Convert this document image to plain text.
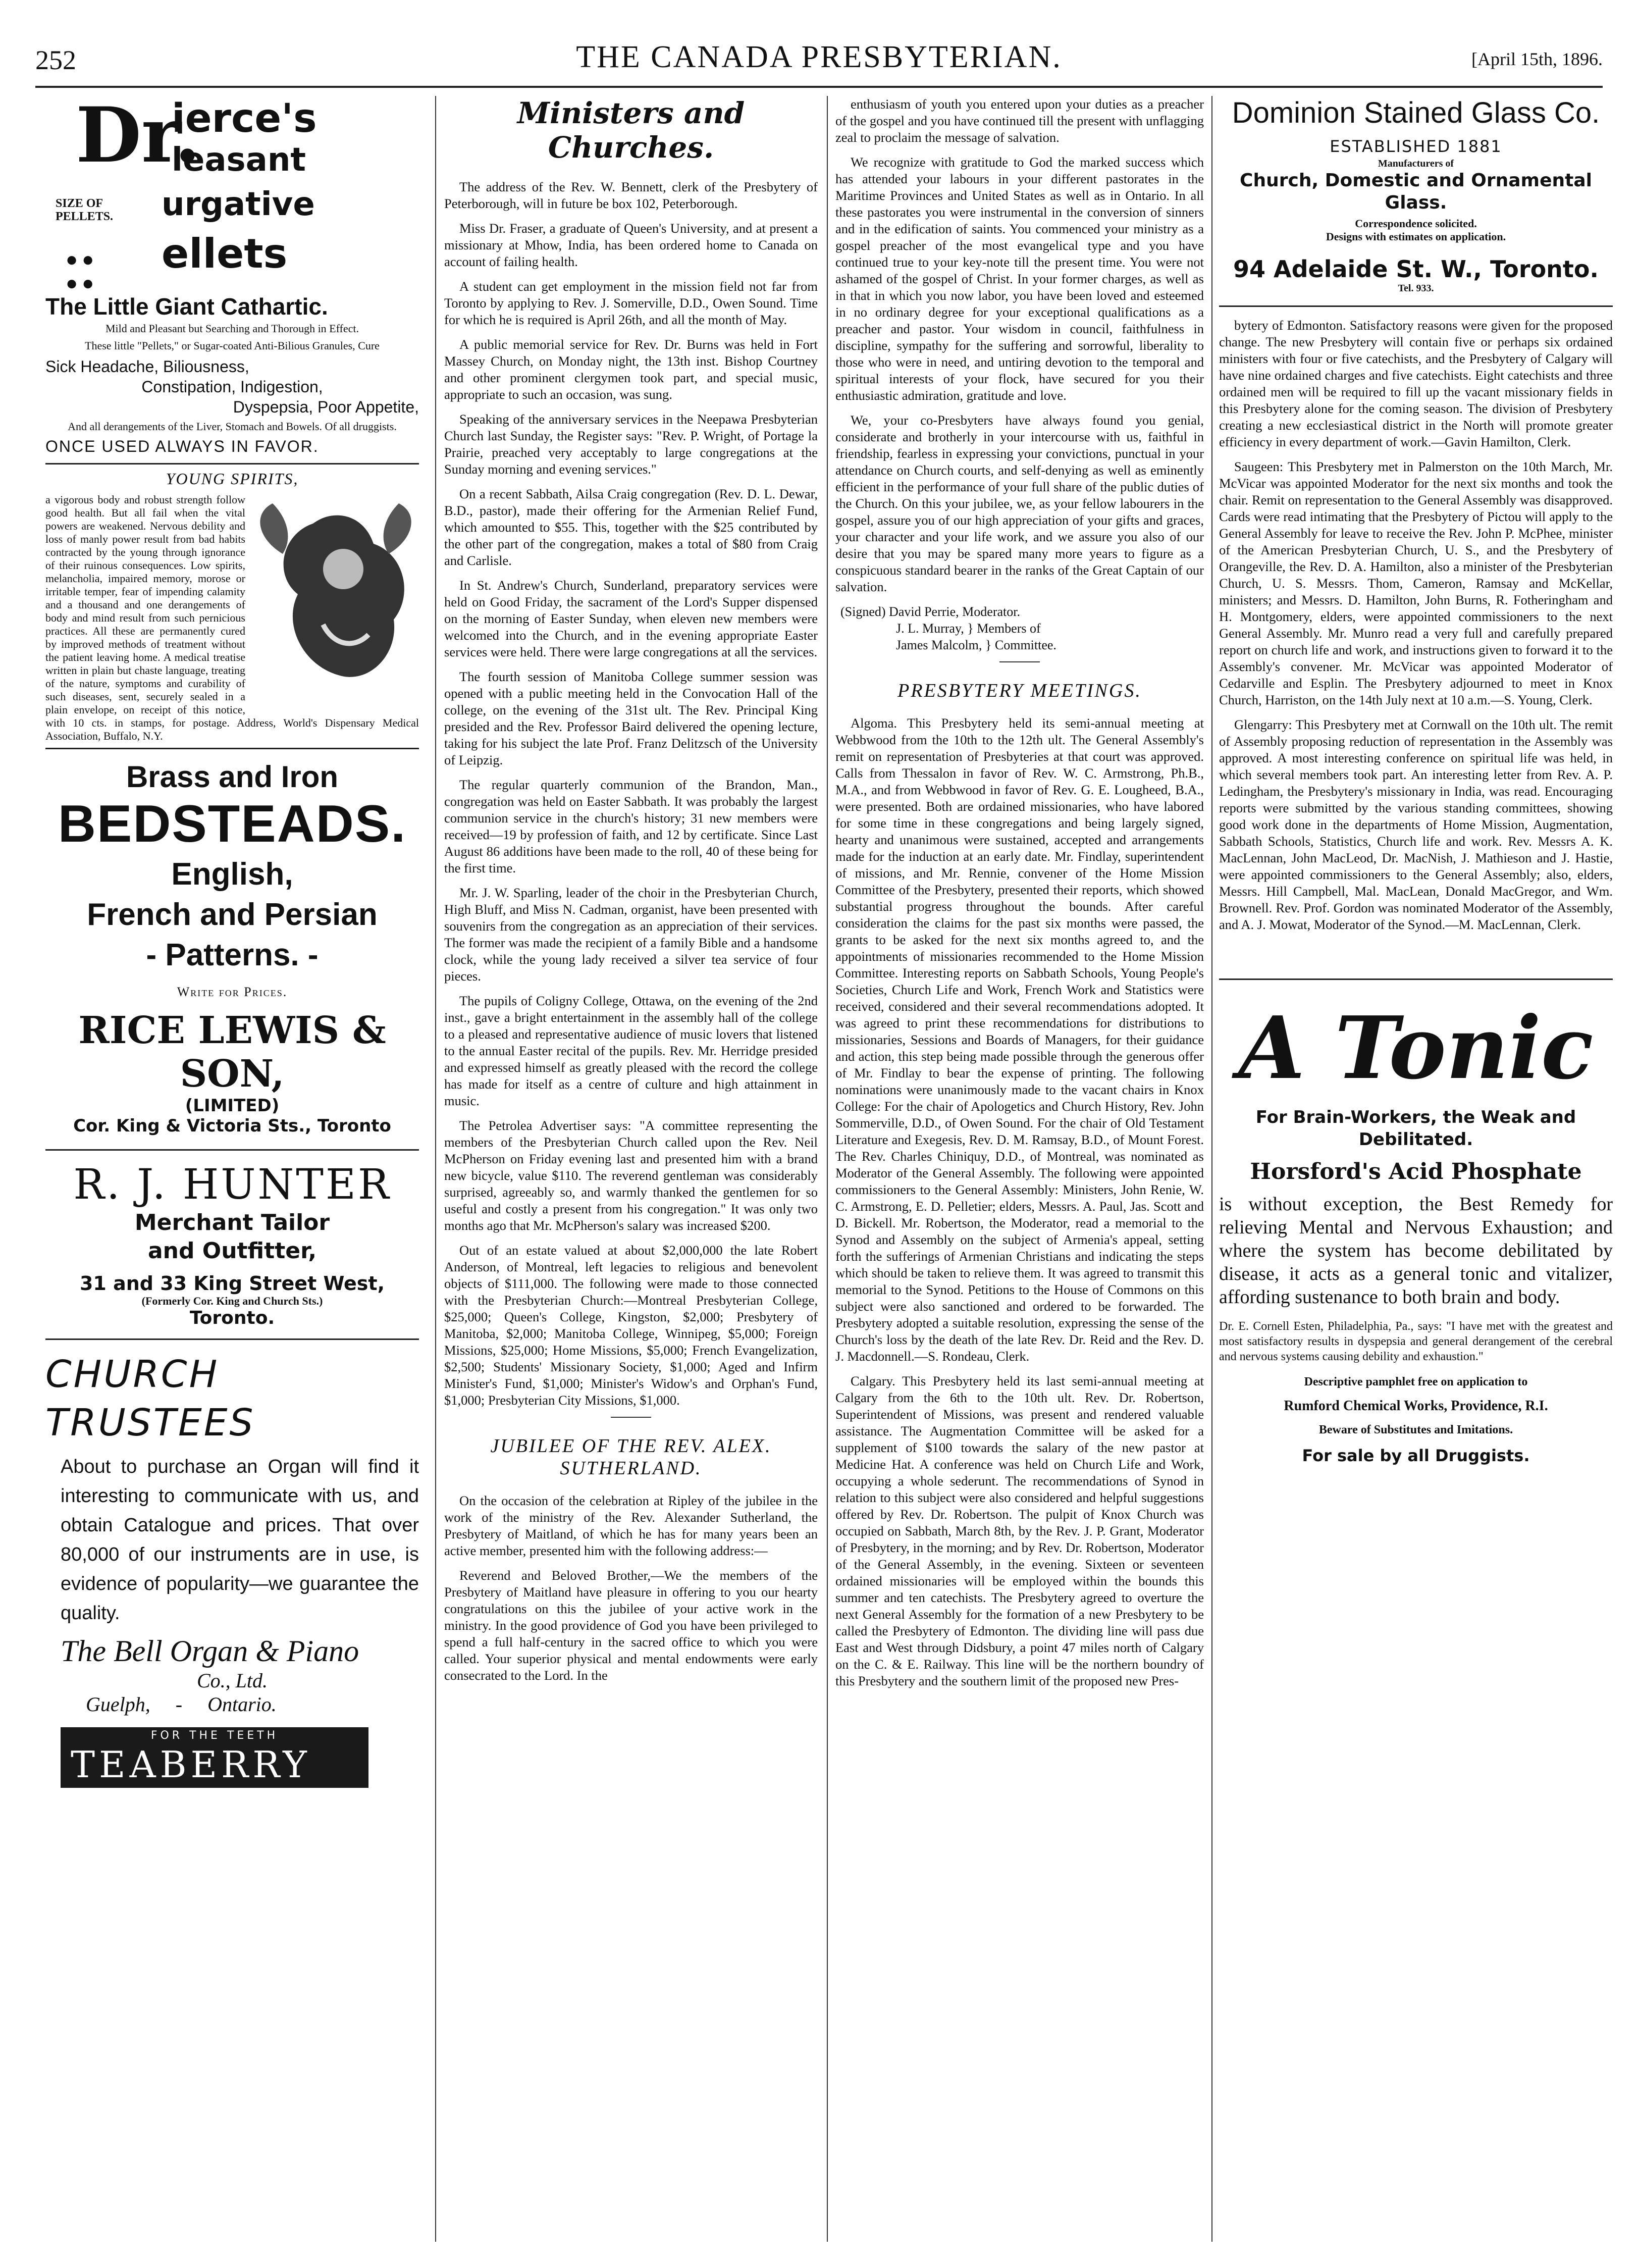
252	THE CANADA PRESBYTERIAN.	[April 15th, 1896.
Dr.
ierce's
leasant
urgative
ellets
SIZE OF PELLETS.
●●
●●
The Little Giant Cathartic.
Mild and Pleasant but Searching and Thorough in Effect.
These little "Pellets," or Sugar-coated Anti-Bilious Granules, Cure
Sick Headache, Biliousness,
Constipation, Indigestion,
Dyspepsia, Poor Appetite,
And all derangements of the Liver, Stomach and Bowels. Of all druggists.
ONCE USED ALWAYS IN FAVOR.
YOUNG SPIRITS,

a vigorous body and robust strength follow good health. But all fail when the vital powers are weakened. Nervous debility and loss of manly power result from bad habits contracted by the young through ignorance of their ruinous consequences. Low spirits, melancholia, impaired memory, morose or irritable temper, fear of impending calamity and a thousand and one derangements of body and mind result from such pernicious practices. All these are permanently cured by improved methods of treatment without the patient leaving home. A medical treatise written in plain but chaste language, treating of the nature, symptoms and curability of such diseases, sent, securely sealed in a plain envelope, on receipt of this notice, with 10 cts. in stamps, for postage. Address, World's Dispensary Medical Association, Buffalo, N.Y.

Brass and Iron
BEDSTEADS.
English,
French and Persian
- Patterns. -
Write for Prices.
RICE LEWIS & SON,
(LIMITED)
Cor. King & Victoria Sts., Toronto
R. J. HUNTER
Merchant Tailor
and Outfitter,
31 and 33 King Street West,
(Formerly Cor. King and Church Sts.)
Toronto.
CHURCH
TRUSTEES

About to purchase an Organ will find it interesting to communicate with us, and obtain Catalogue and prices. That over 80,000 of our instruments are in use, is evidence of popularity—we guarantee the quality.

The Bell Organ & Piano
Co., Ltd.
Guelph, - Ontario.
FOR THE TEETH
TEABERRY
Ministers and Churches.

The address of the Rev. W. Bennett, clerk of the Presbytery of Peterborough, will in future be box 102, Peterborough.

Miss Dr. Fraser, a graduate of Queen's University, and at present a missionary at Mhow, India, has been ordered home to Canada on account of failing health.

A student can get employment in the mission field not far from Toronto by applying to Rev. J. Somerville, D.D., Owen Sound. Time for which he is required is April 26th, and all the month of May.

A public memorial service for Rev. Dr. Burns was held in Fort Massey Church, on Monday night, the 13th inst. Bishop Courtney and other prominent clergymen took part, and special music, appropriate to such an occasion, was sung.

Speaking of the anniversary services in the Neepawa Presbyterian Church last Sunday, the Register says: "Rev. P. Wright, of Portage la Prairie, preached very acceptably to large congregations at the Sunday morning and evening services."

On a recent Sabbath, Ailsa Craig congregation (Rev. D. L. Dewar, B.D., pastor), made their offering for the Armenian Relief Fund, which amounted to $55. This, together with the $25 contributed by the other part of the congregation, makes a total of $80 from Craig and Carlisle.

In St. Andrew's Church, Sunderland, preparatory services were held on Good Friday, the sacrament of the Lord's Supper dispensed on the morning of Easter Sunday, when eleven new members were welcomed into the Church, and in the evening appropriate Easter services were held. There were large congregations at all the services.

The fourth session of Manitoba College summer session was opened with a public meeting held in the Convocation Hall of the college, on the evening of the 31st ult. The Rev. Principal King presided and the Rev. Professor Baird delivered the opening lecture, taking for his subject the late Prof. Franz Delitzsch of the University of Leipzig.

The regular quarterly communion of the Brandon, Man., congregation was held on Easter Sabbath. It was probably the largest communion service in the church's history; 31 new members were received—19 by profession of faith, and 12 by certificate. Since Last August 86 additions have been made to the roll, 40 of these being for the first time.

Mr. J. W. Sparling, leader of the choir in the Presbyterian Church, High Bluff, and Miss N. Cadman, organist, have been presented with souvenirs from the congregation as an appreciation of their services. The former was made the recipient of a family Bible and a handsome clock, while the young lady received a silver tea service of four pieces.

The pupils of Coligny College, Ottawa, on the evening of the 2nd inst., gave a bright entertainment in the assembly hall of the college to a pleased and representative audience of music lovers that listened to the annual Easter recital of the pupils. Rev. Mr. Herridge presided and expressed himself as greatly pleased with the record the college has made for itself as a centre of culture and high attainment in music.

The Petrolea Advertiser says: "A committee representing the members of the Presbyterian Church called upon the Rev. Neil McPherson on Friday evening last and presented him with a brand new bicycle, value $110. The reverend gentleman was considerably surprised, agreeably so, and warmly thanked the gentlemen for so useful and costly a present from his congregation." It was only two months ago that Mr. McPherson's salary was increased $200.

Out of an estate valued at about $2,000,000 the late Robert Anderson, of Montreal, left legacies to religious and benevolent objects of $111,000. The following were made to those connected with the Presbyterian Church:—Montreal Presbyterian College, $25,000; Queen's College, Kingston, $2,000; Presbytery of Manitoba, $2,000; Manitoba College, Winnipeg, $5,000; Foreign Missions, $25,000; Home Missions, $5,000; French Evangelization, $2,500; Students' Missionary Society, $1,000; Aged and Infirm Minister's Fund, $1,000; Minister's Widow's and Orphan's Fund, $1,000; Presbyterian City Missions, $1,000.

JUBILEE OF THE REV. ALEX. SUTHERLAND.

On the occasion of the celebration at Ripley of the jubilee in the work of the ministry of the Rev. Alexander Sutherland, the Presbytery of Maitland, of which he has for many years been an active member, presented him with the following address:—

Reverend and Beloved Brother,—We the members of the Presbytery of Maitland have pleasure in offering to you our hearty congratulations on this the jubilee of your active work in the ministry. In the good providence of God you have been privileged to spend a full half-century in the sacred office to which you were called. Your superior physical and mental endowments were early consecrated to the Lord. In the

enthusiasm of youth you entered upon your duties as a preacher of the gospel and you have continued till the present with unflagging zeal to proclaim the message of salvation.

We recognize with gratitude to God the marked success which has attended your labours in your different pastorates in the Maritime Provinces and United States as well as in Ontario. In all these pastorates you were instrumental in the conversion of sinners and in the edification of saints. You commenced your ministry as a gospel preacher of the most evangelical type and you have continued true to your key-note till the present time. You were not ashamed of the gospel of Christ. In your former charges, as well as in that in which you now labor, you have been loved and esteemed in no ordinary degree for your exceptional qualifications as a preacher and pastor. Your wisdom in council, faithfulness in discipline, sympathy for the suffering and sorrowful, liberality to those who were in need, and untiring devotion to the temporal and spiritual interests of your flock, have secured for you their enthusiastic admiration, gratitude and love.

We, your co-Presbyters have always found you genial, considerate and brotherly in your intercourse with us, faithful in friendship, fearless in expressing your convictions, punctual in your attendance on Church courts, and self-denying as well as eminently efficient in the performance of your full share of the public duties of the Church. On this your jubilee, we, as your fellow labourers in the gospel, assure you of our high appreciation of your gifts and graces, your character and your life work, and we assure you also of our desire that you may be spared many more years to figure as a conspicuous standard bearer in the ranks of the Great Captain of our salvation.

(Signed) David Perrie, Moderator.
J. L. Murray, } Members of
James Malcolm, } Committee.
PRESBYTERY MEETINGS.

Algoma. This Presbytery held its semi-annual meeting at Webbwood from the 10th to the 12th ult. The General Assembly's remit on representation of Presbyteries at that court was approved. Calls from Thessalon in favor of Rev. W. C. Armstrong, Ph.B., M.A., and from Webbwood in favor of Rev. G. E. Lougheed, B.A., were presented. Both are ordained missionaries, who have labored for some time in these congregations and being largely signed, hearty and unanimous were sustained, accepted and arrangements made for the induction at an early date. Mr. Findlay, superintendent of missions, and Mr. Rennie, convener of the Home Mission Committee of the Presbytery, presented their reports, which showed substantial progress throughout the bounds. After careful consideration the claims for the past six months were passed, the grants to be asked for the next six months agreed to, and the appointments of missionaries recommended to the Home Mission Committee. Interesting reports on Sabbath Schools, Young People's Societies, Church Life and Work, French Work and Statistics were received, considered and their several recommendations adopted. It was agreed to print these recommendations for distributions to missionaries, Sessions and Boards of Managers, for their guidance and action, this step being made possible through the generous offer of Mr. Findlay to bear the expense of printing. The following nominations were unanimously made to the vacant chairs in Knox College: For the chair of Apologetics and Church History, Rev. John Sommerville, D.D., of Owen Sound. For the chair of Old Testament Literature and Exegesis, Rev. D. M. Ramsay, B.D., of Mount Forest. The Rev. Charles Chiniquy, D.D., of Montreal, was nominated as Moderator of the General Assembly. The following were appointed commissioners to the General Assembly: Ministers, John Renie, W. C. Armstrong, E. D. Pelletier; elders, Messrs. A. Paul, Jas. Scott and D. Bickell. Mr. Robertson, the Moderator, read a memorial to the Synod and Assembly on the subject of Armenia's appeal, setting forth the sufferings of Armenian Christians and indicating the steps which should be taken to relieve them. It was agreed to transmit this memorial to the Synod. Petitions to the House of Commons on this subject were also sanctioned and ordered to be forwarded. The Presbytery adopted a suitable resolution, expressing the sense of the Church's loss by the death of the late Rev. Dr. Reid and the Rev. D. J. Macdonnell.—S. Rondeau, Clerk.

Calgary. This Presbytery held its last semi-annual meeting at Calgary from the 6th to the 10th ult. Rev. Dr. Robertson, Superintendent of Missions, was present and rendered valuable assistance. The Augmentation Committee will be asked for a supplement of $100 towards the salary of the new pastor at Medicine Hat. A conference was held on Church Life and Work, occupying a whole sederunt. The recommendations of Synod in relation to this subject were also considered and helpful suggestions offered by Rev. Dr. Robertson. The pulpit of Knox Church was occupied on Sabbath, March 8th, by the Rev. J. P. Grant, Moderator of Presbytery, in the morning; and by Rev. Dr. Robertson, Moderator of the General Assembly, in the evening. Sixteen or seventeen ordained missionaries will be employed within the bounds this summer and ten catechists. The Presbytery agreed to overture the next General Assembly for the formation of a new Presbytery to be called the Presbytery of Edmonton. The dividing line will pass due East and West through Didsbury, a point 47 miles north of Calgary on the C. & E. Railway. This line will be the northern boundry of this Presbytery and the southern limit of the proposed new Pres-

Dominion Stained Glass Co.
ESTABLISHED 1881
Manufacturers of
Church, Domestic and Ornamental
Glass.
Correspondence solicited.
Designs with estimates on application.
94 Adelaide St. W., Toronto.
Tel. 933.

bytery of Edmonton. Satisfactory reasons were given for the proposed change. The new Presbytery will contain five or perhaps six ordained ministers with four or five catechists, and the Presbytery of Calgary will have nine ordained charges and five catechists. Eight catechists and three ordained men will be required to fill up the vacant missionary fields in this Presbytery alone for the coming season. The division of Presbytery creating a new ecclesiastical district in the North will promote greater efficiency in every department of work.—Gavin Hamilton, Clerk.

Saugeen: This Presbytery met in Palmerston on the 10th March, Mr. McVicar was appointed Moderator for the next six months and took the chair. Remit on representation to the General Assembly was disapproved. Cards were read intimating that the Presbytery of Pictou will apply to the General Assembly for leave to receive the Rev. John P. McPhee, minister of the American Presbyterian Church, U. S., and the Presbytery of Orangeville, the Rev. D. A. Hamilton, also a minister of the Presbyterian Church, U. S. Messrs. Thom, Cameron, Ramsay and McKellar, ministers; and Messrs. D. Hamilton, John Burns, R. Fotheringham and H. Montgomery, elders, were appointed commissioners to the next General Assembly. Mr. Munro read a very full and carefully prepared report on church life and work, and instructions given to forward it to the Assembly's convener. Mr. McVicar was appointed Moderator of Cedarville and Esplin. The Presbytery adjourned to meet in Knox Church, Harriston, on the 14th July next at 10 a.m.—S. Young, Clerk.

Glengarry: This Presbytery met at Cornwall on the 10th ult. The remit of Assembly proposing reduction of representation in the Assembly was approved. A most interesting conference on spiritual life was held, in which several members took part. An interesting letter from Rev. A. P. Ledingham, the Presbytery's missionary in India, was read. Encouraging reports were submitted by the various standing committees, showing good work done in the departments of Home Mission, Augmentation, Sabbath Schools, Statistics, Church life and work. Rev. Messrs A. K. MacLennan, John MacLeod, Dr. MacNish, J. Mathieson and J. Hastie, were appointed commissioners to the General Assembly; also, elders, Messrs. Hill Campbell, Mal. MacLean, Donald MacGregor, and Wm. Brownell. Rev. Prof. Gordon was nominated Moderator of the Assembly, and A. J. Mowat, Moderator of the Synod.—M. MacLennan, Clerk.

A Tonic
For Brain-Workers, the Weak and Debilitated.
Horsford's Acid Phosphate

is without exception, the Best Remedy for relieving Mental and Nervous Exhaustion; and where the system has become debilitated by disease, it acts as a general tonic and vitalizer, affording sustenance to both brain and body.

Dr. E. Cornell Esten, Philadelphia, Pa., says: "I have met with the greatest and most satisfactory results in dyspepsia and general derangement of the cerebral and nervous systems causing debility and exhaustion."

Descriptive pamphlet free on application to
Rumford Chemical Works, Providence, R.I.
Beware of Substitutes and Imitations.
For sale by all Druggists.
